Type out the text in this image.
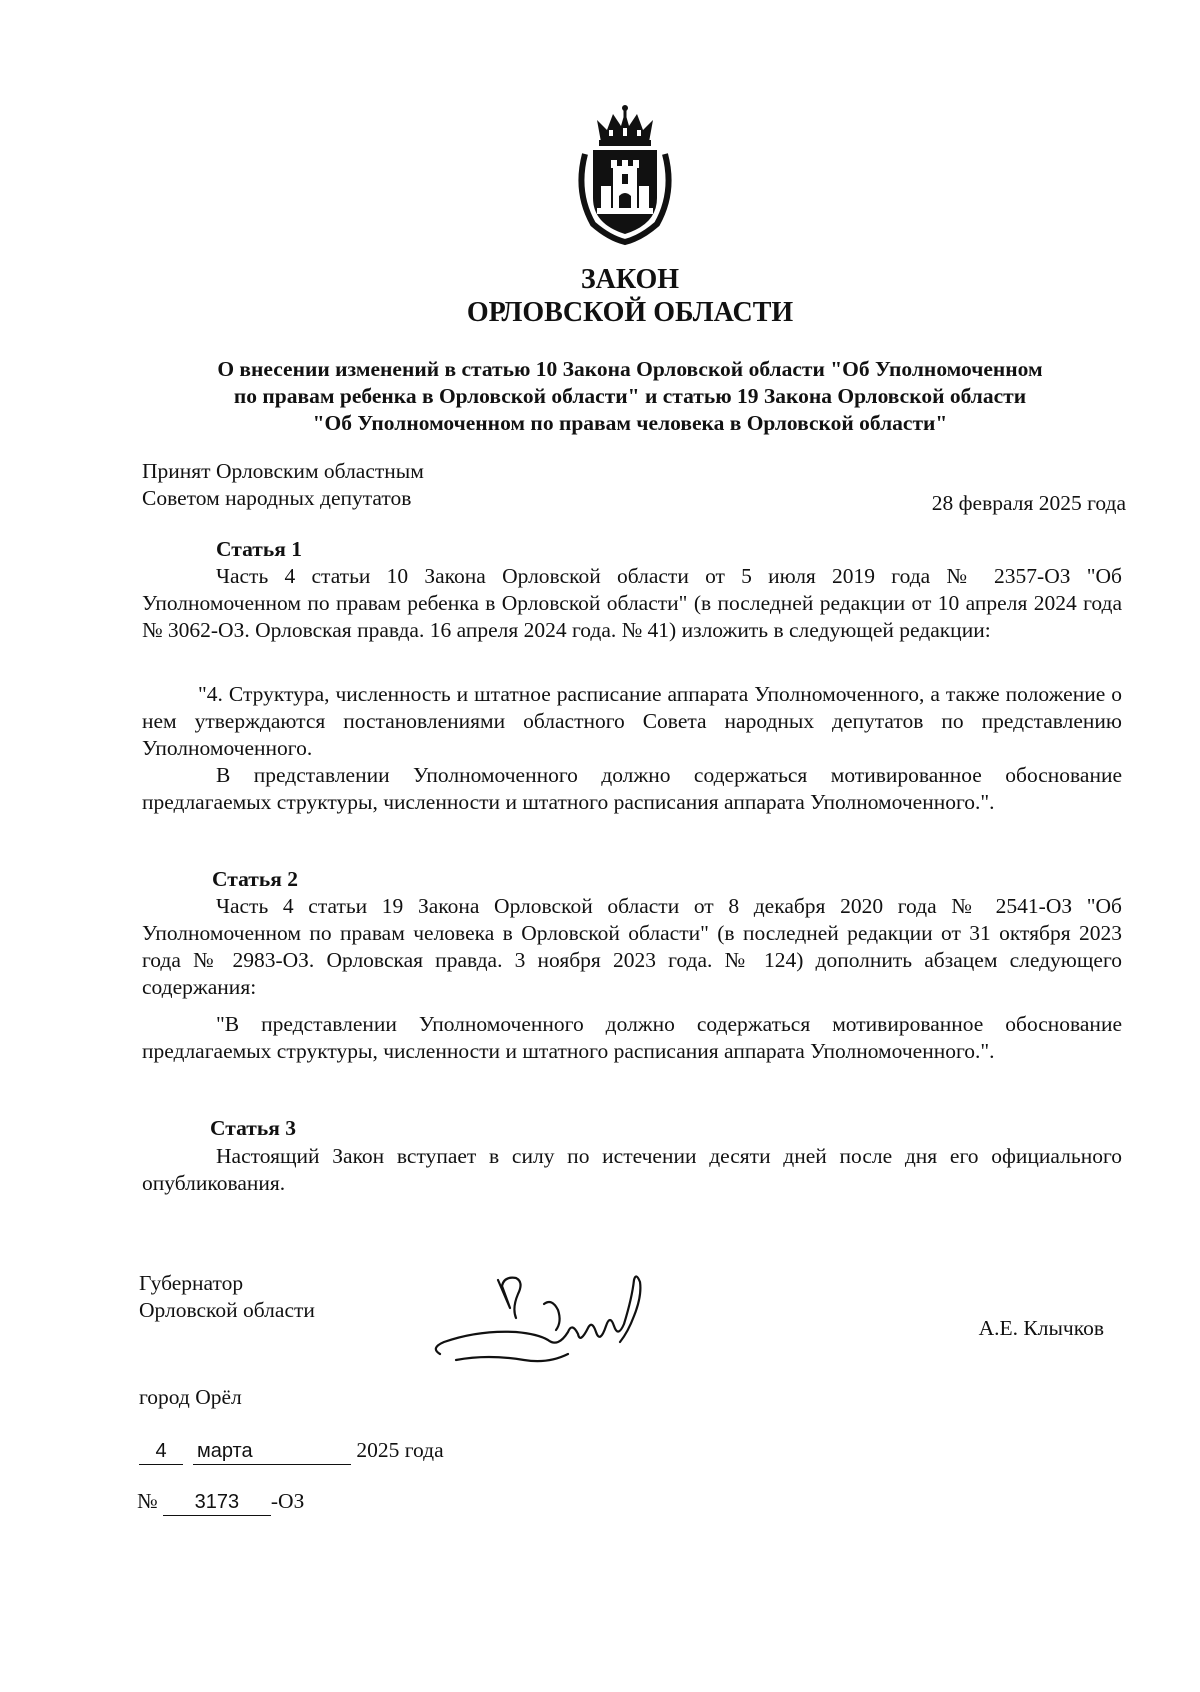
ЗАКОН
ОРЛОВСКОЙ ОБЛАСТИ
О внесении изменений в статью 10 Закона Орловской области "Об Уполномоченном
по правам ребенка в Орловской области" и статью 19 Закона Орловской области
"Об Уполномоченном по правам человека в Орловской области"
Принят Орловским областным
Советом народных депутатов	28 февраля 2025 года
Статья 1
Часть 4 статьи 10 Закона Орловской области от 5 июля 2019 года № 2357-ОЗ "Об Уполномоченном по правам ребенка в Орловской области" (в последней редакции от 10 апреля 2024 года № 3062-ОЗ. Орловская правда. 16 апреля 2024 года. № 41) изложить в следующей редакции:
"4. Структура, численность и штатное расписание аппарата Уполномоченного, а также положение о нем утверждаются постановлениями областного Совета народных депутатов по представлению Уполномоченного.
В представлении Уполномоченного должно содержаться мотивированное обоснование предлагаемых структуры, численности и штатного расписания аппарата Уполномоченного.".
Статья 2
Часть 4 статьи 19 Закона Орловской области от 8 декабря 2020 года № 2541-ОЗ "Об Уполномоченном по правам человека в Орловской области" (в последней редакции от 31 октября 2023 года № 2983-ОЗ. Орловская правда. 3 ноября 2023 года. № 124) дополнить абзацем следующего содержания:
"В представлении Уполномоченного должно содержаться мотивированное обоснование предлагаемых структуры, численности и штатного расписания аппарата Уполномоченного.".
Статья 3
Настоящий Закон вступает в силу по истечении десяти дней после дня его официального опубликования.
Губернатор
Орловской области
А.Е. Клычков
город Орёл
4 марта	2025 года
№ 3173 -ОЗ
